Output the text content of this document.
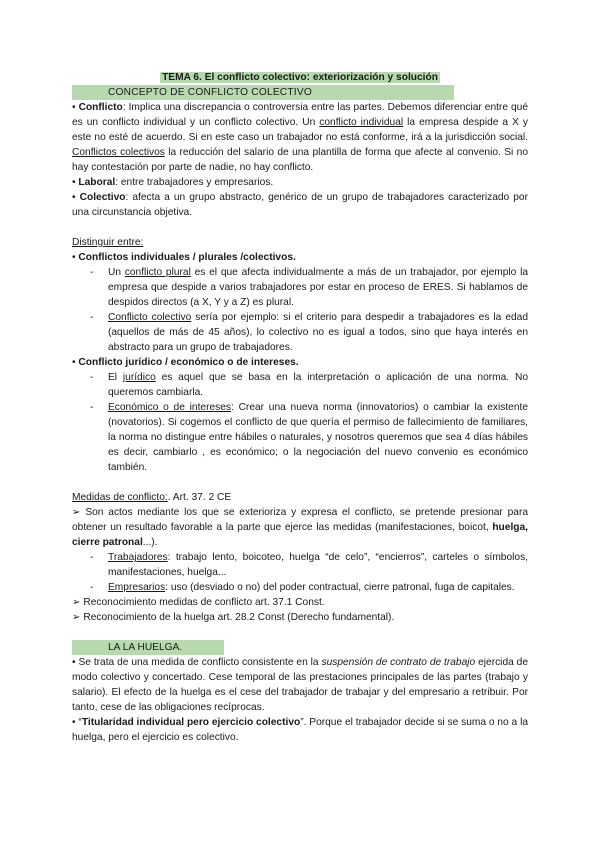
TEMA 6. El conflicto colectivo: exteriorización y solución

CONCEPTO DE CONFLICTO COLECTIVO

• Conflicto: Implica una discrepancia o controversia entre las partes. Debemos diferenciar entre qué es un conflicto individual y un conflicto colectivo. Un conflicto individual la empresa despide a X y este no esté de acuerdo. Si en este caso un trabajador no está conforme, irá a la jurisdicción social. Conflictos colectivos la reducción del salario de una plantilla de forma que afecte al convenio. Si no hay contestación por parte de nadie, no hay conflicto.

• Laboral: entre trabajadores y empresarios.

• Colectivo: afecta a un grupo abstracto, genérico de un grupo de trabajadores caracterizado por una circunstancia objetiva.

Distinguir entre:

• Conflictos individuales / plurales /colectivos.

- Un conflicto plural es el que afecta individualmente a más de un trabajador, por ejemplo la empresa que despide a varios trabajadores por estar en proceso de ERES. Si hablamos de despidos directos (a X, Y y a Z) es plural.

- Conflicto colectivo sería por ejemplo: si el criterio para despedir a trabajadores es la edad (aquellos de más de 45 años), lo colectivo no es igual a todos, sino que haya interés en abstracto para un grupo de trabajadores.

• Conflicto jurídico / económico o de intereses.

- El jurídico es aquel que se basa en la interpretación o aplicación de una norma. No queremos cambiarla.

- Económico o de intereses: Crear una nueva norma (innovatorios) o cambiar la existente (novatorios). Si cogemos el conflicto de que quería el permiso de fallecimiento de familiares, la norma no distingue entre hábiles o naturales, y nosotros queremos que sea 4 días hábiles es decir, cambiarlo , es económico; o la negociación del nuevo convenio es económico también.

Medidas de conflicto:. Art. 37. 2 CE

➢ Son actos mediante los que se exterioriza y expresa el conflicto, se pretende presionar para obtener un resultado favorable a la parte que ejerce las medidas (manifestaciones, boicot, huelga, cierre patronal...).

- Trabajadores: trabajo lento, boicoteo, huelga “de celo”, “encierros”, carteles o símbolos, manifestaciones, huelga...

- Empresarios: uso (desviado o no) del poder contractual, cierre patronal, fuga de capitales.

➢ Reconocimiento medidas de conflicto art. 37.1 Const.

➢ Reconocimiento de la huelga art. 28.2 Const (Derecho fundamental).

LA LA HUELGA.

• Se trata de una medida de conflicto consistente en la suspensión de contrato de trabajo ejercida de modo colectivo y concertado. Cese temporal de las prestaciones principales de las partes (trabajo y salario). El efecto de la huelga es el cese del trabajador de trabajar y del empresario a retribuir. Por tanto, cese de las obligaciones recíprocas.

• “Titularidad individual pero ejercicio colectivo”. Porque el trabajador decide si se suma o no a la huelga, pero el ejercicio es colectivo.
